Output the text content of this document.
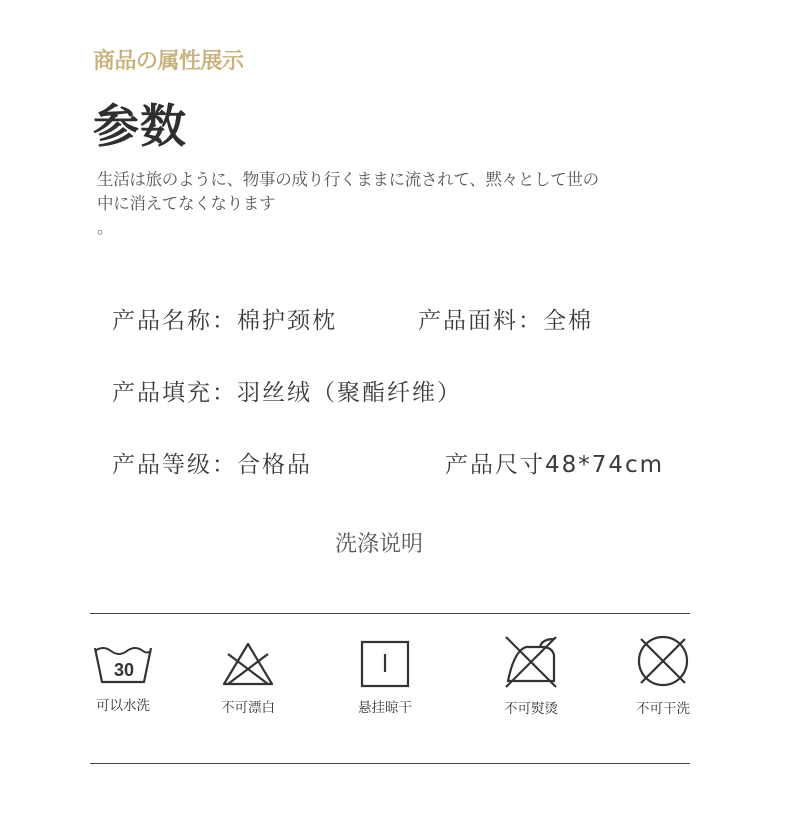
商品の属性展示
参数
生活は旅のように、物事の成り行くままに流されて、黙々として世の
中に消えてなくなります
。
产品名称：棉护颈枕	产品面料：全棉
产品填充：羽丝绒（聚酯纤维）
产品等级：合格品	产品尺寸48*74cm
洗涤说明
30
可以水洗	不可漂白	悬挂晾干	不可熨烫	不可干洗
